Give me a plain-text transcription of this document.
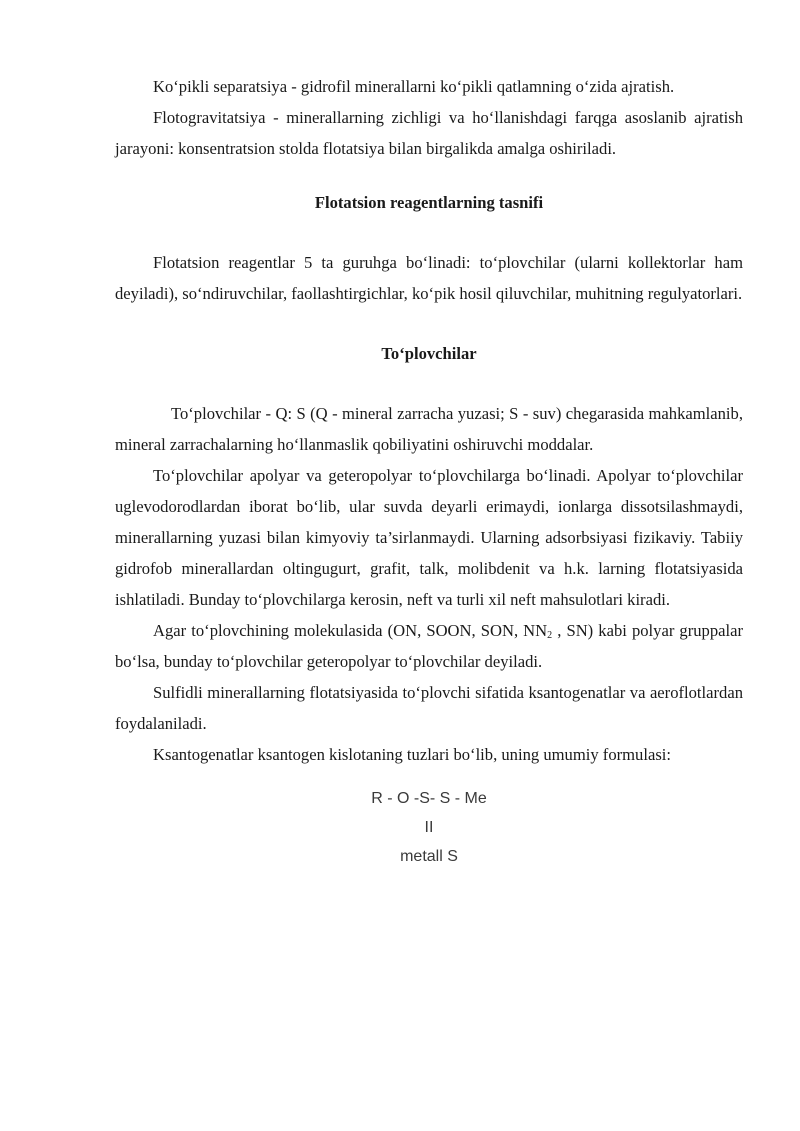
Ko‘pikli separatsiya - gidrofil minerallarni ko‘pikli qatlamning o‘zida ajratish.

Flotogravitatsiya - minerallarning zichligi va ho‘llanishdagi farqga asoslanib ajratish jarayoni: konsentratsion stolda flotatsiya bilan birgalikda amalga oshiriladi.

Flotatsion reagentlarning tasnifi

Flotatsion reagentlar 5 ta guruhga bo‘linadi: to‘plovchilar (ularni kollektorlar ham deyiladi), so‘ndiruvchilar, faollashtirgichlar, ko‘pik hosil qiluvchilar, muhitning regulyatorlari.

To‘plovchilar

To‘plovchilar - Q: S (Q - mineral zarracha yuzasi; S - suv) chegarasida mahkamlanib, mineral zarrachalarning ho‘llanmaslik qobiliyatini oshiruvchi moddalar.

To‘plovchilar apolyar va geteropolyar to‘plovchilarga bo‘linadi. Apolyar to‘plovchilar uglevodorodlardan iborat bo‘lib, ular suvda deyarli erimaydi, ionlarga dissotsilashmaydi, minerallarning yuzasi bilan kimyoviy ta’sirlanmaydi. Ularning adsorbsiyasi fizikaviy. Tabiiy gidrofob minerallardan oltingugurt, grafit, talk, molibdenit va h.k. larning flotatsiyasida ishlatiladi. Bunday to‘plovchilarga kerosin, neft va turli xil neft mahsulotlari kiradi.

Agar to‘plovchining molekulasida (ON, SOON, SON, $NN_2$ , SN) kabi polyar gruppalar bo‘lsa, bunday to‘plovchilar geteropolyar to‘plovchilar deyiladi.

Sulfidli minerallarning flotatsiyasida to‘plovchi sifatida ksantogenatlar va aeroflotlardan foydalaniladi.

Ksantogenatlar ksantogen kislotaning tuzlari bo‘lib, uning umumiy formulasi:

R - O -S- S - Me
II
metall S
